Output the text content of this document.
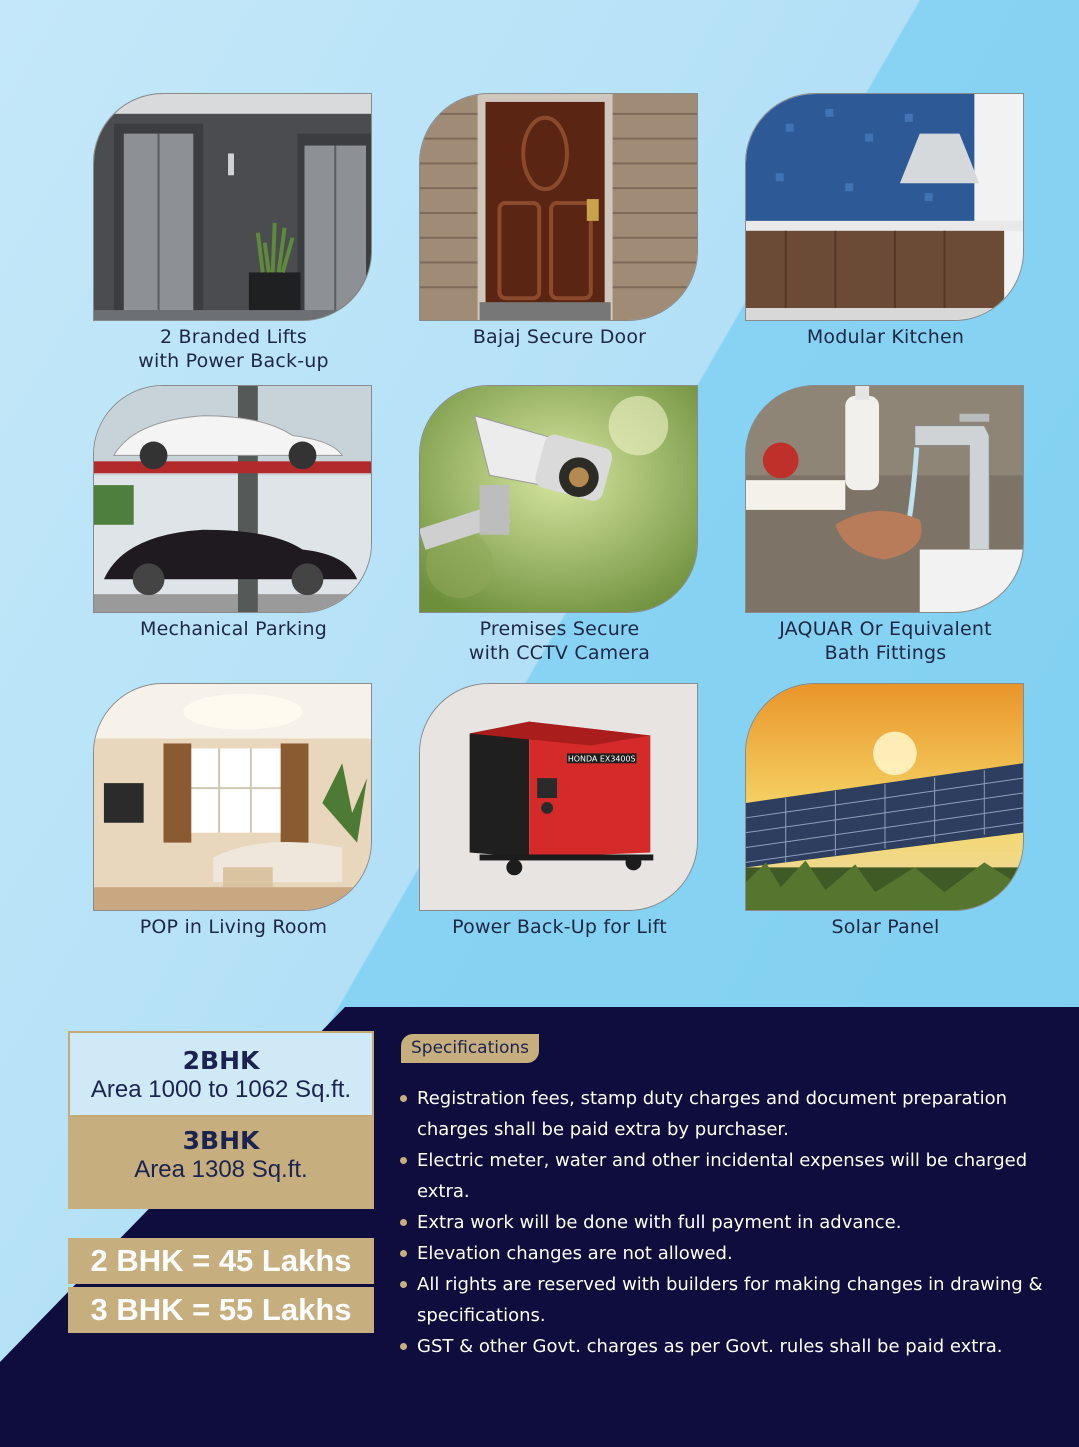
2 Branded Lifts
with Power Back-up
Bajaj Secure Door	Modular Kitchen
Mechanical Parking	Premises Secure
with CCTV Camera
JAQUAR Or Equivalent
Bath Fittings
POP in Living Room
HONDA EX3400S
Power Back-Up for Lift	Solar Panel
2BHK
Area 1000 to 1062 Sq.ft.
3BHK
Area 1308 Sq.ft.
2 BHK = 45 Lakhs
3 BHK = 55 Lakhs
Specifications
Registration fees, stamp duty charges and document preparation charges shall be paid extra by purchaser.
Electric meter, water and other incidental expenses will be charged extra.
Extra work will be done with full payment in advance.
Elevation changes are not allowed.
All rights are reserved with builders for making changes in drawing & specifications.
GST & other Govt. charges as per Govt. rules shall be paid extra.
